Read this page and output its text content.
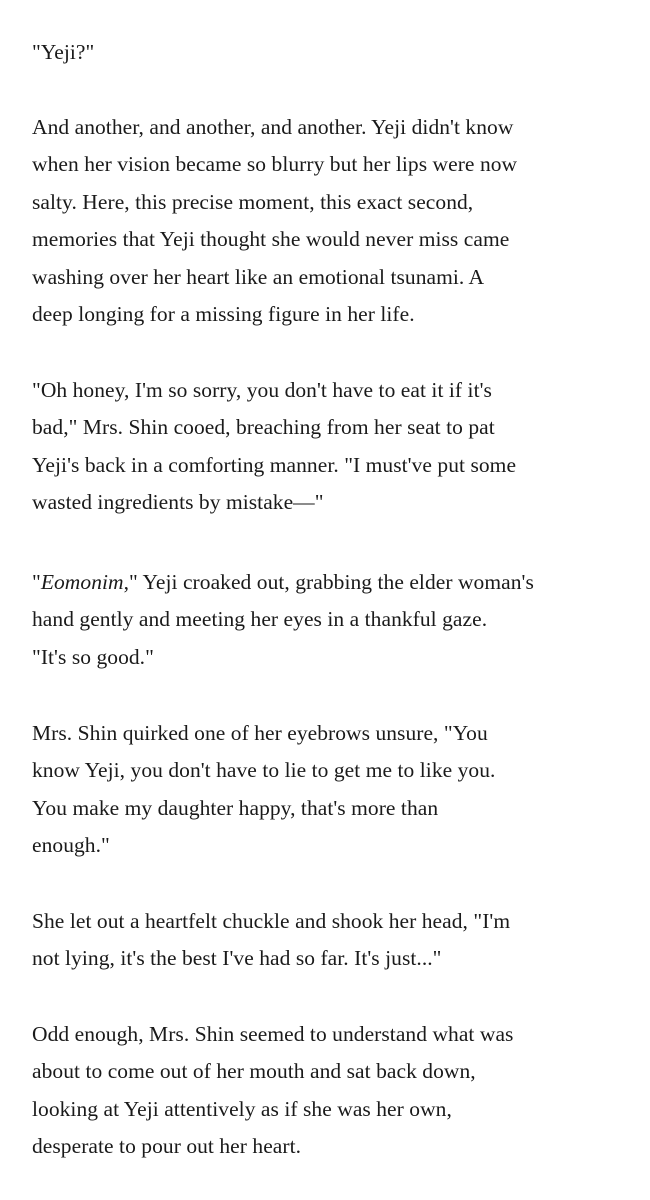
"Yeji?"

And another, and another, and another. Yeji didn't know
when her vision became so blurry but her lips were now
salty. Here, this precise moment, this exact second,
memories that Yeji thought she would never miss came
washing over her heart like an emotional tsunami. A
deep longing for a missing figure in her life.

"Oh honey, I'm so sorry, you don't have to eat it if it's
bad," Mrs. Shin cooed, breaching from her seat to pat
Yeji's back in a comforting manner. "I must've put some
wasted ingredients by mistake—"

"Eomonim," Yeji croaked out, grabbing the elder woman's
hand gently and meeting her eyes in a thankful gaze.
"It's so good."

Mrs. Shin quirked one of her eyebrows unsure, "You
know Yeji, you don't have to lie to get me to like you.
You make my daughter happy, that's more than
enough."

She let out a heartfelt chuckle and shook her head, "I'm
not lying, it's the best I've had so far. It's just..."

Odd enough, Mrs. Shin seemed to understand what was
about to come out of her mouth and sat back down,
looking at Yeji attentively as if she was her own,
desperate to pour out her heart.
